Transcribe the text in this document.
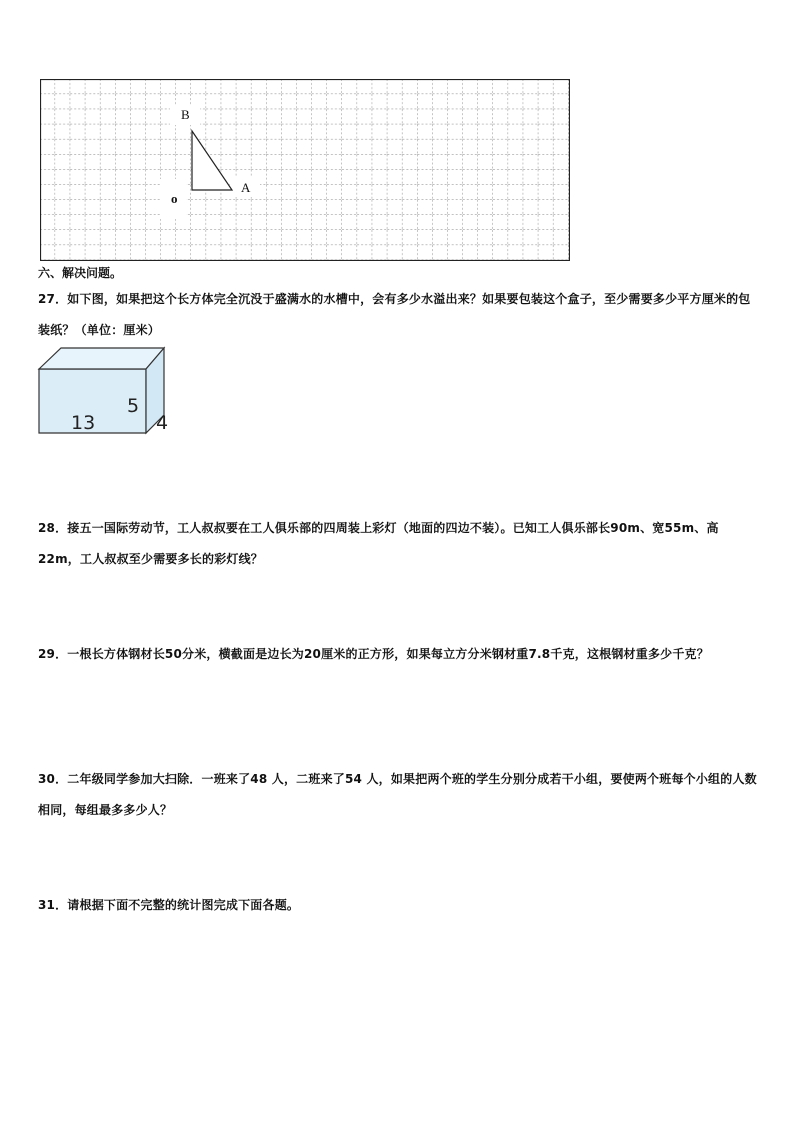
B
A
o
六、解决问题。
27．如下图，如果把这个长方体完全沉没于盛满水的水槽中，会有多少水溢出来？如果要包装这个盒子，至少需要多少平方厘米的包装纸？（单位：厘米）
13
5
4
28．接五一国际劳动节，工人叔叔要在工人俱乐部的四周装上彩灯（地面的四边不装）。已知工人俱乐部长90m、宽55m、高22m，工人叔叔至少需要多长的彩灯线？
29．一根长方体钢材长50分米，横截面是边长为20厘米的正方形，如果每立方分米钢材重7.8千克，这根钢材重多少千克？
30．二年级同学参加大扫除．一班来了48 人，二班来了54 人，如果把两个班的学生分别分成若干小组，要使两个班每个小组的人数相同，每组最多多少人？
31．请根据下面不完整的统计图完成下面各题。
